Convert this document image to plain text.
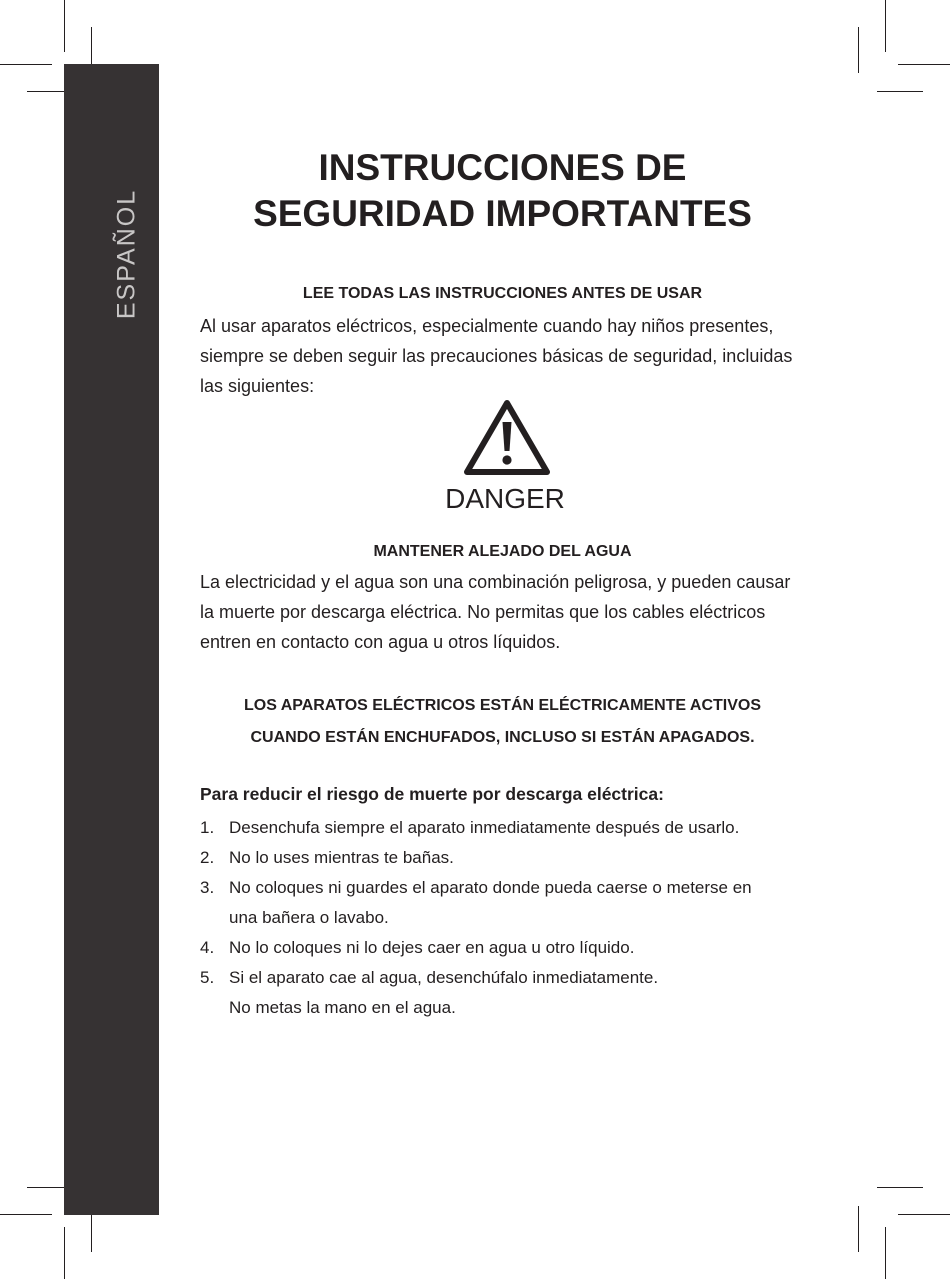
ESPAÑOL
INSTRUCCIONES DE
SEGURIDAD IMPORTANTES
LEE TODAS LAS INSTRUCCIONES ANTES DE USAR

Al usar aparatos eléctricos, especialmente cuando hay niños presentes,
siempre se deben seguir las precauciones básicas de seguridad, incluidas
las siguientes:

DANGER
MANTENER ALEJADO DEL AGUA

La electricidad y el agua son una combinación peligrosa, y pueden causar
la muerte por descarga eléctrica. No permitas que los cables eléctricos
entren en contacto con agua u otros líquidos.

LOS APARATOS ELÉCTRICOS ESTÁN ELÉCTRICAMENTE ACTIVOS
CUANDO ESTÁN ENCHUFADOS, INCLUSO SI ESTÁN APAGADOS.

Para reducir el riesgo de muerte por descarga eléctrica:
1. Desenchufa siempre el aparato inmediatamente después de usarlo.
2. No lo uses mientras te bañas.
3. No coloques ni guardes el aparato donde pueda caerse o meterse en
una bañera o lavabo.
4. No lo coloques ni lo dejes caer en agua u otro líquido.
5. Si el aparato cae al agua, desenchúfalo inmediatamente.
No metas la mano en el agua.
